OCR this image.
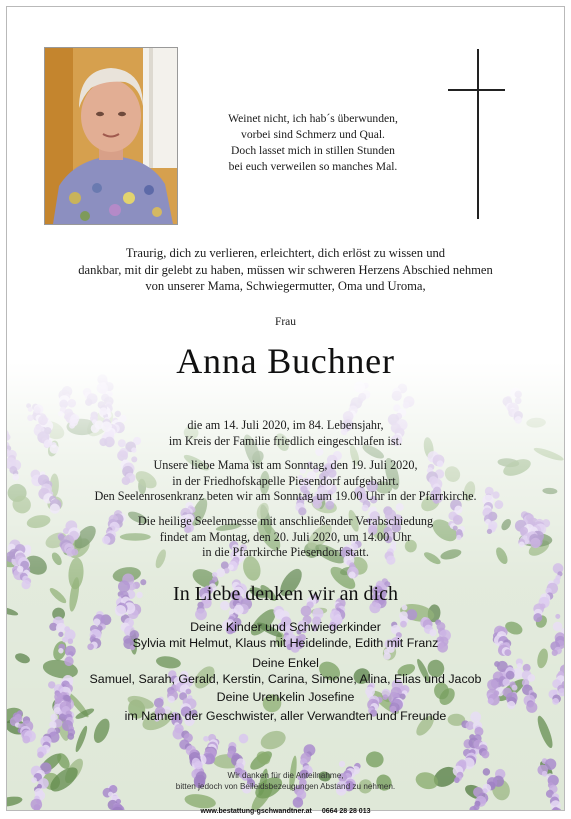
Weinet nicht, ich hab´s überwunden,
vorbei sind Schmerz und Qual.
Doch lasset mich in stillen Stunden
bei euch verweilen so manches Mal.
Traurig, dich zu verlieren, erleichtert, dich erlöst zu wissen und
dankbar, mit dir gelebt zu haben, müssen wir schweren Herzens Abschied nehmen
von unserer Mama, Schwiegermutter, Oma und Uroma,
Frau
Anna Buchner
die am 14. Juli 2020, im 84. Lebensjahr,
im Kreis der Familie friedlich eingeschlafen ist.
Unsere liebe Mama ist am Sonntag, den 19. Juli 2020,
in der Friedhofskapelle Piesendorf aufgebahrt.
Den Seelenrosenkranz beten wir am Sonntag um 19.00 Uhr in der Pfarrkirche.
Die heilige Seelenmesse mit anschließender Verabschiedung
findet am Montag, den 20. Juli 2020, um 14.00 Uhr
in die Pfarrkirche Piesendorf statt.
In Liebe denken wir an dich
Deine Kinder und Schwiegerkinder
Sylvia mit Helmut, Klaus mit Heidelinde, Edith mit Franz
Deine Enkel
Samuel, Sarah, Gerald, Kerstin, Carina, Simone, Alina, Elias und Jacob
Deine Urenkelin Josefine
im Namen der Geschwister, aller Verwandten und Freunde
Wir danken für die Anteilnahme,
bitten jedoch von Beileidsbezeugungen Abstand zu nehmen.
www.bestattung-gschwandtner.at 0664 28 28 013
